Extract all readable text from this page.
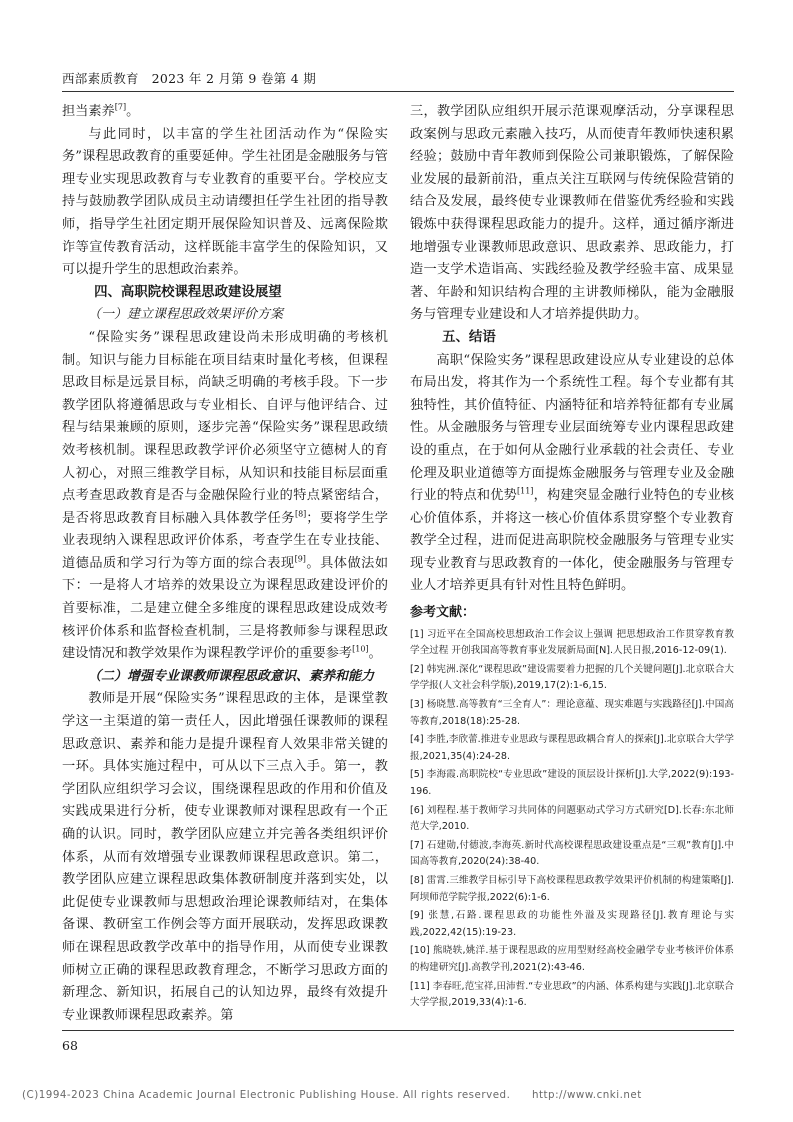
西部素质教育　2023 年 2 月第 9 卷第 4 期

担当素养[7]。

与此同时，以丰富的学生社团活动作为“保险实务”课程思政教育的重要延伸。学生社团是金融服务与管理专业实现思政教育与专业教育的重要平台。学校应支持与鼓励教学团队成员主动请缨担任学生社团的指导教师，指导学生社团定期开展保险知识普及、远离保险欺诈等宣传教育活动，这样既能丰富学生的保险知识，又可以提升学生的思想政治素养。

四、高职院校课程思政建设展望

（一）建立课程思政效果评价方案

“保险实务”课程思政建设尚未形成明确的考核机制。知识与能力目标能在项目结束时量化考核，但课程思政目标是远景目标，尚缺乏明确的考核手段。下一步教学团队将遵循思政与专业相长、自评与他评结合、过程与结果兼顾的原则，逐步完善“保险实务”课程思政绩效考核机制。课程思政教学评价必须坚守立德树人的育人初心，对照三维教学目标，从知识和技能目标层面重点考查思政教育是否与金融保险行业的特点紧密结合，是否将思政教育目标融入具体教学任务[8]；要将学生学业表现纳入课程思政评价体系，考查学生在专业技能、道德品质和学习行为等方面的综合表现[9]。具体做法如下：一是将人才培养的效果设立为课程思政建设评价的首要标准，二是建立健全多维度的课程思政建设成效考核评价体系和监督检查机制，三是将教师参与课程思政建设情况和教学效果作为课程教学评价的重要参考[10]。

（二）增强专业课教师课程思政意识、素养和能力

教师是开展“保险实务”课程思政的主体，是课堂教学这一主渠道的第一责任人，因此增强任课教师的课程思政意识、素养和能力是提升课程育人效果非常关键的一环。具体实施过程中，可从以下三点入手。第一，教学团队应组织学习会议，围绕课程思政的作用和价值及实践成果进行分析，使专业课教师对课程思政有一个正确的认识。同时，教学团队应建立并完善各类组织评价体系，从而有效增强专业课教师课程思政意识。第二，教学团队应建立课程思政集体教研制度并落到实处，以此促使专业课教师与思想政治理论课教师结对，在集体备课、教研室工作例会等方面开展联动，发挥思政课教师在课程思政教学改革中的指导作用，从而使专业课教师树立正确的课程思政教育理念，不断学习思政方面的新理念、新知识，拓展自己的认知边界，最终有效提升专业课教师课程思政素养。第

三，教学团队应组织开展示范课观摩活动，分享课程思政案例与思政元素融入技巧，从而使青年教师快速积累经验；鼓励中青年教师到保险公司兼职锻炼，了解保险业发展的最新前沿，重点关注互联网与传统保险营销的结合及发展，最终使专业课教师在借鉴优秀经验和实践锻炼中获得课程思政能力的提升。这样，通过循序渐进地增强专业课教师思政意识、思政素养、思政能力，打造一支学术造诣高、实践经验及教学经验丰富、成果显著、年龄和知识结构合理的主讲教师梯队，能为金融服务与管理专业建设和人才培养提供助力。

五、结语

高职“保险实务”课程思政建设应从专业建设的总体布局出发，将其作为一个系统性工程。每个专业都有其独特性，其价值特征、内涵特征和培养特征都有专业属性。从金融服务与管理专业层面统筹专业内课程思政建设的重点，在于如何从金融行业承载的社会责任、专业伦理及职业道德等方面提炼金融服务与管理专业及金融行业的特点和优势[11]，构建突显金融行业特色的专业核心价值体系，并将这一核心价值体系贯穿整个专业教育教学全过程，进而促进高职院校金融服务与管理专业实现专业教育与思政教育的一体化，使金融服务与管理专业人才培养更具有针对性且特色鲜明。

参考文献：
[1] 习近平在全国高校思想政治工作会议上强调 把思想政治工作贯穿教育教学全过程 开创我国高等教育事业发展新局面[N].人民日报,2016-12-09(1).
[2] 韩宪洲.深化“课程思政”建设需要着力把握的几个关键问题[J].北京联合大学学报(人文社会科学版),2019,17(2):1-6,15.
[3] 杨晓慧.高等教育“三全育人”：理论意蕴、现实难题与实践路径[J].中国高等教育,2018(18):25-28.
[4] 李胜,李欣蕾.推进专业思政与课程思政耦合育人的探索[J].北京联合大学学报,2021,35(4):24-28.
[5] 李海霞.高职院校“专业思政”建设的顶层设计探析[J].大学,2022(9):193-196.
[6] 刘程程.基于教师学习共同体的问题驱动式学习方式研究[D].长春:东北师范大学,2010.
[7] 石建勋,付德波,李海英.新时代高校课程思政建设重点是“三观”教育[J].中国高等教育,2020(24):38-40.
[8] 雷霄.三维教学目标引导下高校课程思政教学效果评价机制的构建策略[J].阿坝师范学院学报,2022(6):1-6.
[9] 张慧,石路.课程思政的功能性外溢及实现路径[J].教育理论与实践,2022,42(15):19-23.
[10] 熊晓轶,姚洋.基于课程思政的应用型财经高校金融学专业考核评价体系的构建研究[J].高教学刊,2021(2):43-46.
[11] 李春旺,范宝祥,田沛哲.“专业思政”的内涵、体系构建与实践[J].北京联合大学学报,2019,33(4):1-6.
68
(C)1994-2023 China Academic Journal Electronic Publishing House. All rights reserved.　　http://www.cnki.net
